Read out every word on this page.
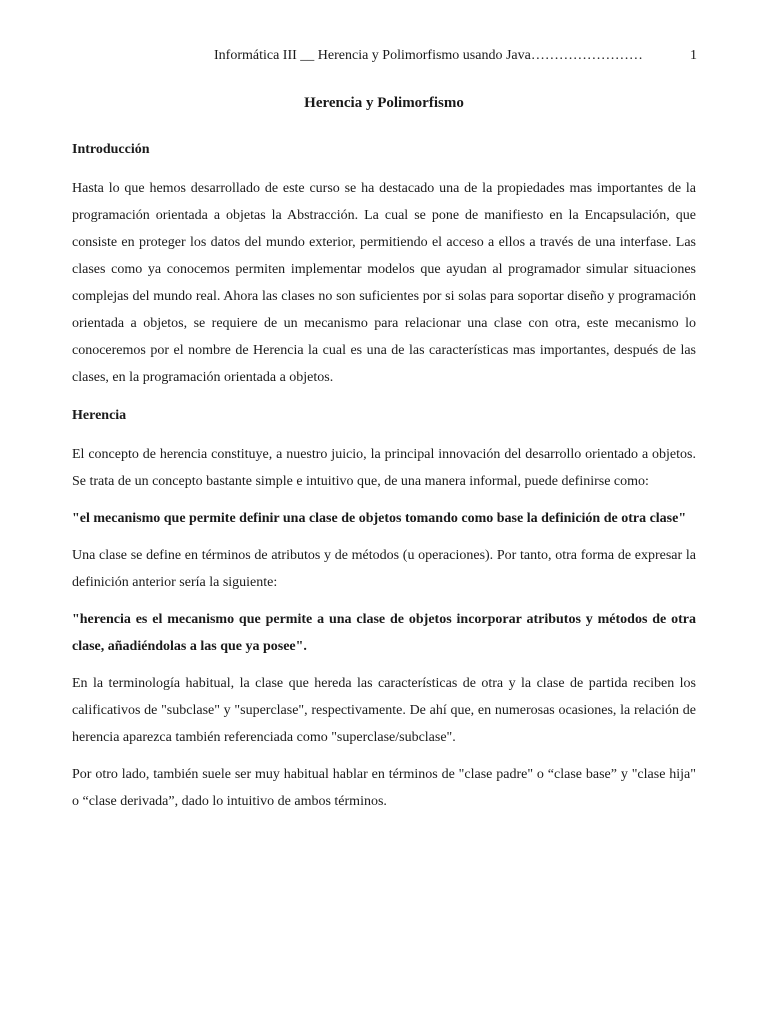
Informática III __ Herencia y Polimorfismo usando Java……………………	1
Herencia y Polimorfismo
Introducción

Hasta lo que hemos desarrollado de este curso se ha destacado una de la propiedades mas importantes de la programación orientada a objetas la Abstracción. La cual se pone de manifiesto en la Encapsulación, que consiste en proteger los datos del mundo exterior, permitiendo el acceso a ellos a través de una interfase. Las clases como ya conocemos permiten implementar modelos que ayudan al programador simular situaciones complejas del mundo real. Ahora las clases no son suficientes por si solas para soportar diseño y programación orientada a objetos, se requiere de un mecanismo para relacionar una clase con otra, este mecanismo lo conoceremos por el nombre de Herencia la cual es una de las características mas importantes, después de las clases, en la programación orientada a objetos.

Herencia

El concepto de herencia constituye, a nuestro juicio, la principal innovación del desarrollo orientado a objetos. Se trata de un concepto bastante simple e intuitivo que, de una manera informal, puede definirse como:

"el mecanismo que permite definir una clase de objetos tomando como base la definición de otra clase"

Una clase se define en términos de atributos y de métodos (u operaciones). Por tanto, otra forma de expresar la definición anterior sería la siguiente:

"herencia es el mecanismo que permite a una clase de objetos incorporar atributos y métodos de otra clase, añadiéndolas a las que ya posee".

En la terminología habitual, la clase que hereda las características de otra y la clase de partida reciben los calificativos de "subclase" y "superclase", respectivamente. De ahí que, en numerosas ocasiones, la relación de herencia aparezca también referenciada como "superclase/subclase".

Por otro lado, también suele ser muy habitual hablar en términos de "clase padre" o “clase base” y "clase hija" o “clase derivada”, dado lo intuitivo de ambos términos.
